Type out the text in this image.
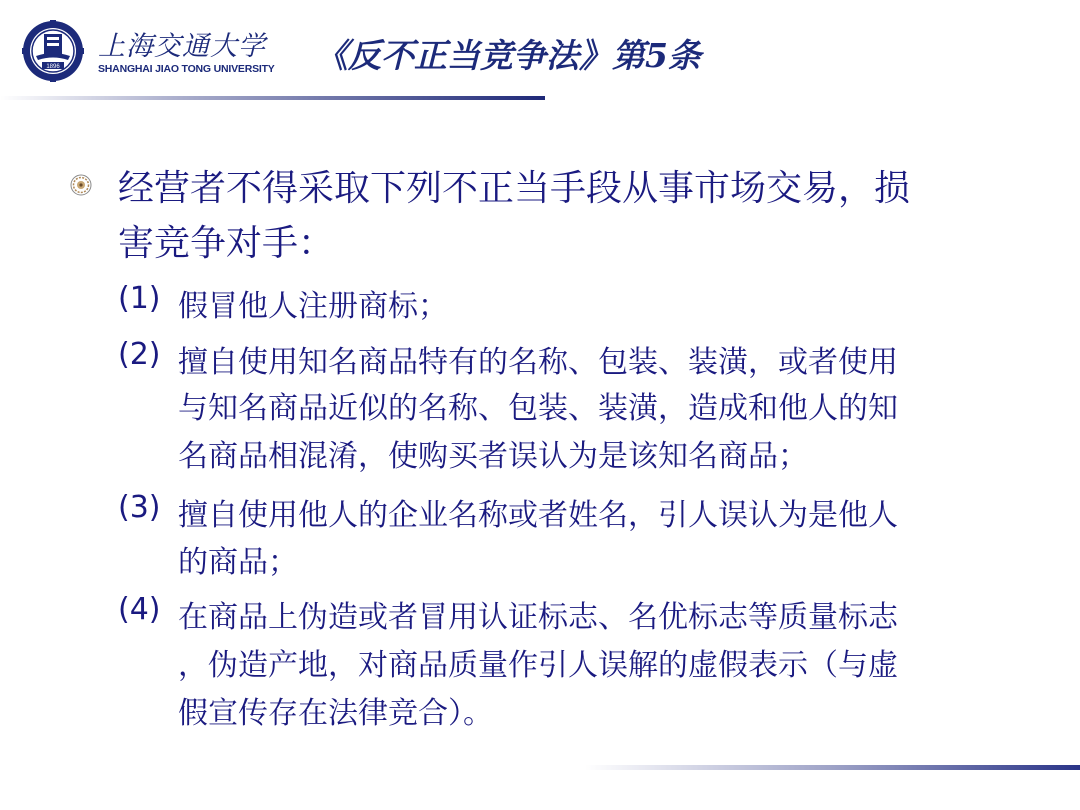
1896
上海交通大学
SHANGHAI JIAO TONG UNIVERSITY 《反不正当竞争法》第5条
经营者不得采取下列不正当手段从事市场交易，损
害竞争对手：
(1) 假冒他人注册商标；
(2) 擅自使用知名商品特有的名称、包装、装潢，或者使用
与知名商品近似的名称、包装、装潢，造成和他人的知
名商品相混淆，使购买者误认为是该知名商品；
(3) 擅自使用他人的企业名称或者姓名，引人误认为是他人
的商品；
(4) 在商品上伪造或者冒用认证标志、名优标志等质量标志
，伪造产地，对商品质量作引人误解的虚假表示（与虚
假宣传存在法律竞合）。
